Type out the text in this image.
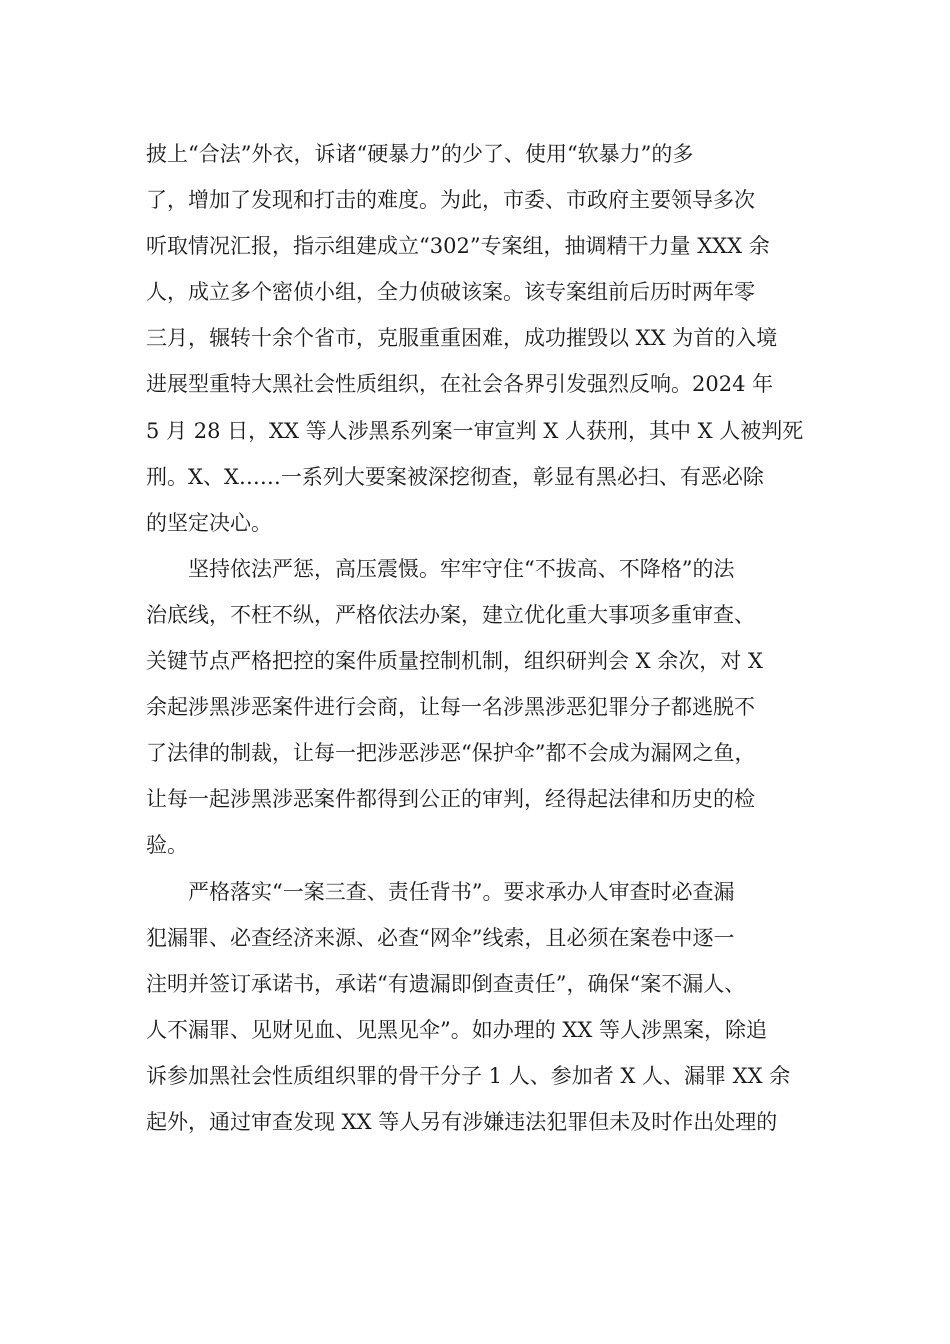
披上“合法”外衣，诉诸“硬暴力”的少了、使用“软暴力”的多
了，增加了发现和打击的难度。为此，市委、市政府主要领导多次
听取情况汇报，指示组建成立“302”专案组，抽调精干力量 XXX 余
人，成立多个密侦小组，全力侦破该案。该专案组前后历时两年零
三月，辗转十余个省市，克服重重困难，成功摧毁以 XX 为首的入境
进展型重特大黑社会性质组织，在社会各界引发强烈反响。2024 年
5 月 28 日，XX 等人涉黑系列案一审宣判 X 人获刑，其中 X 人被判死
刑。X、X……一系列大要案被深挖彻查，彰显有黑必扫、有恶必除
的坚定决心。
　　坚持依法严惩，高压震慑。牢牢守住“不拔高、不降格”的法
治底线，不枉不纵，严格依法办案，建立优化重大事项多重审查、
关键节点严格把控的案件质量控制机制，组织研判会 X 余次，对 X
余起涉黑涉恶案件进行会商，让每一名涉黑涉恶犯罪分子都逃脱不
了法律的制裁，让每一把涉恶涉恶“保护伞”都不会成为漏网之鱼，
让每一起涉黑涉恶案件都得到公正的审判，经得起法律和历史的检
验。
　　严格落实“一案三查、责任背书”。要求承办人审查时必查漏
犯漏罪、必查经济来源、必查“网伞”线索，且必须在案卷中逐一
注明并签订承诺书，承诺“有遗漏即倒查责任”，确保“案不漏人、
人不漏罪、见财见血、见黑见伞”。如办理的 XX 等人涉黑案，除追
诉参加黑社会性质组织罪的骨干分子 1 人、参加者 X 人、漏罪 XX 余
起外，通过审查发现 XX 等人另有涉嫌违法犯罪但未及时作出处理的
